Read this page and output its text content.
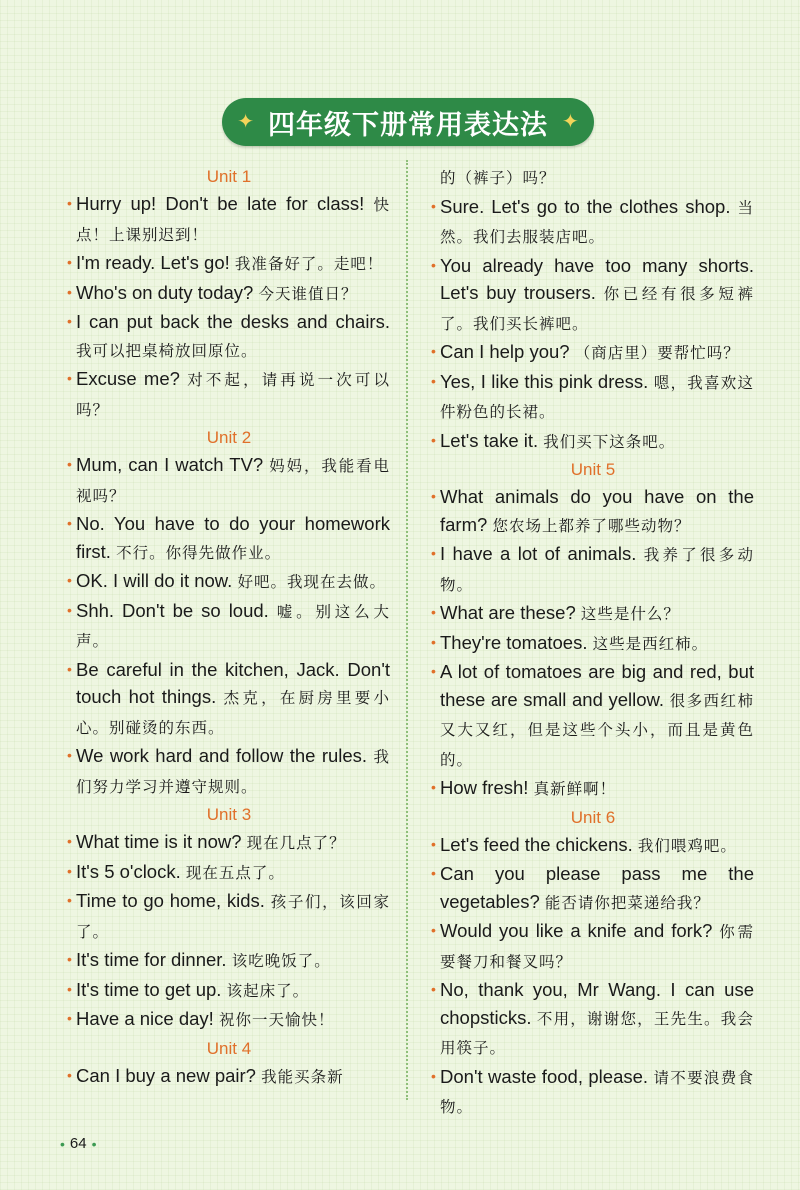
✦ 四年级下册常用表达法 ✦
Unit 1
• Hurry up! Don't be late for class! 快点！上课别迟到！
• I'm ready. Let's go! 我准备好了。走吧！
• Who's on duty today? 今天谁值日？
• I can put back the desks and chairs. 我可以把桌椅放回原位。
• Excuse me? 对不起，请再说一次可以吗？
Unit 2
• Mum, can I watch TV? 妈妈，我能看电视吗？
• No. You have to do your homework first. 不行。你得先做作业。
• OK. I will do it now. 好吧。我现在去做。
• Shh. Don't be so loud. 嘘。别这么大声。
• Be careful in the kitchen, Jack. Don't touch hot things. 杰克，在厨房里要小心。别碰烫的东西。
• We work hard and follow the rules. 我们努力学习并遵守规则。
Unit 3
• What time is it now? 现在几点了？
• It's 5 o'clock. 现在五点了。
• Time to go home, kids. 孩子们，该回家了。
• It's time for dinner. 该吃晚饭了。
• It's time to get up. 该起床了。
• Have a nice day! 祝你一天愉快！
Unit 4
• Can I buy a new pair? 我能买条新
的（裤子）吗？
• Sure. Let's go to the clothes shop. 当然。我们去服装店吧。
• You already have too many shorts. Let's buy trousers. 你已经有很多短裤了。我们买长裤吧。
• Can I help you? （商店里）要帮忙吗？
• Yes, I like this pink dress. 嗯，我喜欢这件粉色的长裙。
• Let's take it. 我们买下这条吧。
Unit 5
• What animals do you have on the farm? 您农场上都养了哪些动物？
• I have a lot of animals. 我养了很多动物。
• What are these? 这些是什么？
• They're tomatoes. 这些是西红柿。
• A lot of tomatoes are big and red, but these are small and yellow. 很多西红柿又大又红，但是这些个头小，而且是黄色的。
• How fresh! 真新鲜啊！
Unit 6
• Let's feed the chickens. 我们喂鸡吧。
• Can you please pass me the vegetables? 能否请你把菜递给我？
• Would you like a knife and fork? 你需要餐刀和餐叉吗？
• No, thank you, Mr Wang. I can use chopsticks. 不用，谢谢您，王先生。我会用筷子。
• Don't waste food, please. 请不要浪费食物。
• 64 •
